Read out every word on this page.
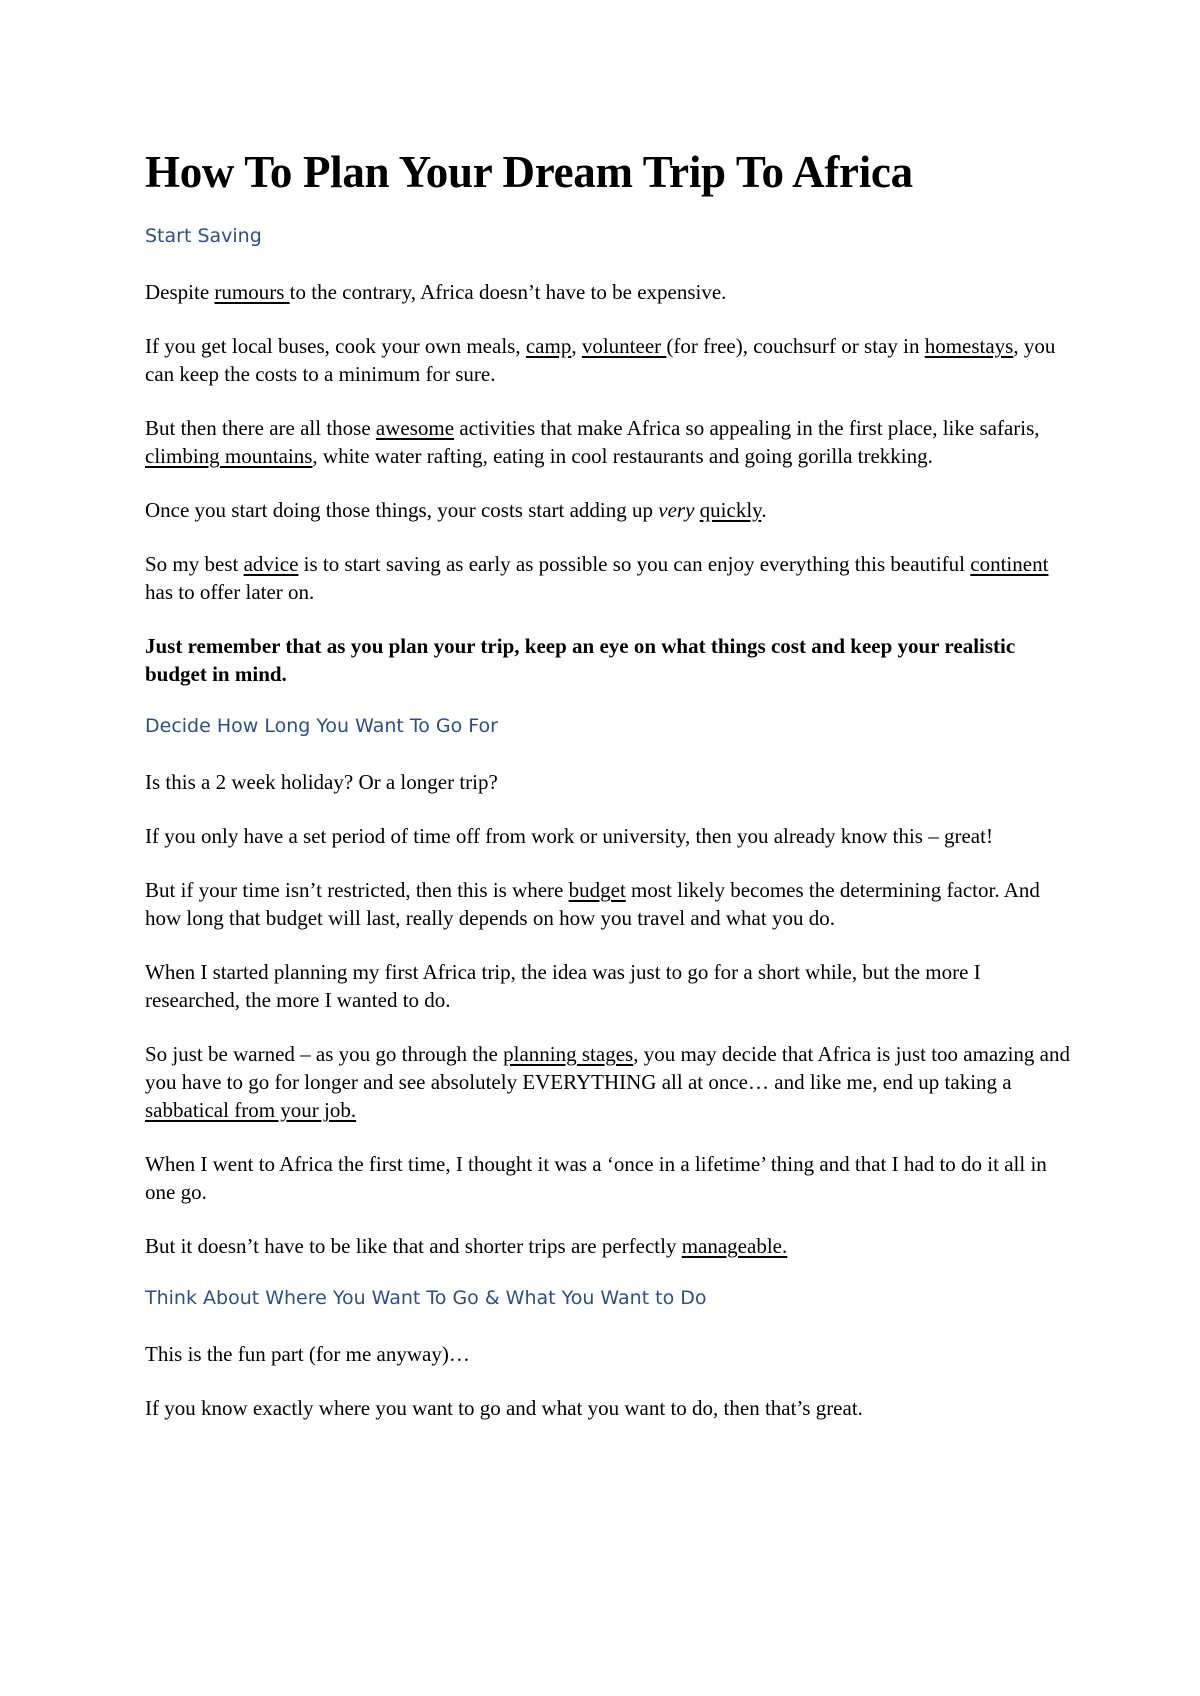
How To Plan Your Dream Trip To Africa
Start Saving

Despite rumours to the contrary, Africa doesn’t have to be expensive.

If you get local buses, cook your own meals, camp, volunteer (for free), couchsurf or stay in homestays, you can keep the costs to a minimum for sure.

But then there are all those awesome activities that make Africa so appealing in the first place, like safaris, climbing mountains, white water rafting, eating in cool restaurants and going gorilla trekking.

Once you start doing those things, your costs start adding up very quickly.

So my best advice is to start saving as early as possible so you can enjoy everything this beautiful continent has to offer later on.

Just remember that as you plan your trip, keep an eye on what things cost and keep your realistic budget in mind.

Decide How Long You Want To Go For

Is this a 2 week holiday? Or a longer trip?

If you only have a set period of time off from work or university, then you already know this – great!

But if your time isn’t restricted, then this is where budget most likely becomes the determining factor. And how long that budget will last, really depends on how you travel and what you do.

When I started planning my first Africa trip, the idea was just to go for a short while, but the more I researched, the more I wanted to do.

So just be warned – as you go through the planning stages, you may decide that Africa is just too amazing and you have to go for longer and see absolutely EVERYTHING all at once… and like me, end up taking a sabbatical from your job.

When I went to Africa the first time, I thought it was a ‘once in a lifetime’ thing and that I had to do it all in one go.

But it doesn’t have to be like that and shorter trips are perfectly manageable.

Think About Where You Want To Go & What You Want to Do

This is the fun part (for me anyway)…

If you know exactly where you want to go and what you want to do, then that’s great.
